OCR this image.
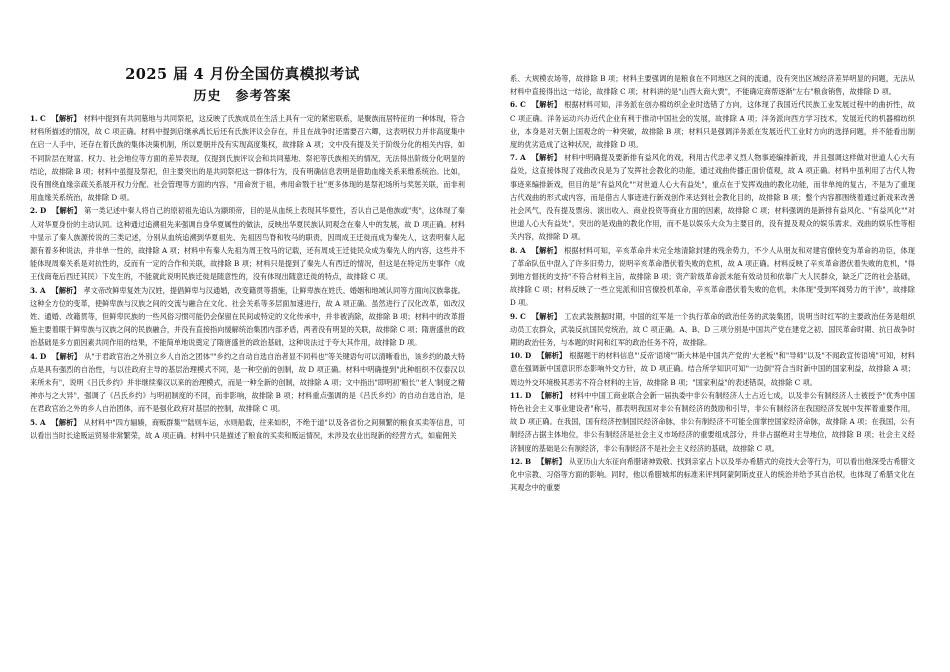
2025 届 4 月份全国仿真模拟考试
历史　参考答案

1. C 【解析】 材料中提到有共同墓地与共同祭祀，这反映了氏族成员在生活上具有一定的紧密联系，是聚族而居特征的一种体现，符合材料所描述的情况，故 C 项正确。材料中提到启继承禹长后还有氏族评议会存在，并且在战争时还需要召六卿，这表明权力并非高度集中在启一人手中，还存在着氏族的集体决策机制，所以夏朝并没有实现高度集权，故排除 A 项；文中没有提及关于阶级分化的相关内容，如不同阶层在财富、权力、社会地位等方面的差异表现，仅提到氏族评议会和共同墓地、祭祀等氏族相关的情况，无法得出阶级分化明显的结论，故排除 B 项；材料中虽提及祭祀，但主要突出的是共同祭祀这一群体行为，没有明确信息表明是借助血缘关系来维系统治。比如，没有围绕血缘亲疏关系展开权力分配、社会管理等方面的内容，"用命赏于祖，弗用命戮于社"更多体现的是祭祀场所与奖惩关联，而非利用血缘关系统治，故排除 D 项。

2. D 【解析】 第一类记述中秦人将自己的原初祖先追认为颛顼帝，目的是从血统上表现其华夏性，否认自己是他族或"夷"，这体现了秦人对华夏身份的主动认同。这种通过追溯祖先来强调自身华夏属性的做法，反映出华夏民族认同观念在秦人中的发展，故 D 项正确。材料中显示了秦人族源传说的三类记述，分别从血统追溯到华夏祖先、先祖因鸟脊和牧马的职责，因周成王迁徙而成为秦先人，这表明秦人起源有着多种说法，并非单一性的，故排除 A 项；材料中有秦人先祖为周王牧马的记载，还有周成王迁徙民众成为秦先人的内容，这些并不能体现周秦关系是对抗性的，反而有一定的合作和关联，故排除 B 项；材料只是提到了秦先人有西迁的情况，但这是在特定历史事件（成王伐商奄后西迁其民）下发生的，不能就此说明民族迁徙是随意性的，没有体现出随意迁徙的特点，故排除 C 项。

3. A 【解析】 孝文帝改鲜卑复姓为汉姓，提倡鲜卑与汉通婚，改变籍贯等措施，让鲜卑族在姓氏、婚姻和地域认同等方面向汉族靠拢。这种全方位的变革，使鲜卑族与汉族之间的交流与融合在文化、社会关系等多层面加速进行，故 A 项正确。虽然进行了汉化改革，如改汉姓、通婚、改籍贯等，但鲜卑民族的一些风俗习惯可能仍会保留在民间或特定的文化传承中，并非被消除，故排除 B 项；材料中的改革措施主要着眼于鲜卑族与汉族之间的民族融合，并没有直接指向缓解统治集团内部矛盾，两者没有明显的关联，故排除 C 项；隋唐盛世的政治基础是多方面因素共同作用的结果，不能简单地说奠定了隋唐盛世的政治基础，这种说法过于夸大其作用，故排除 D 项。

4. D 【解析】 从"于君政官治之外别立乡人自治之团体""乡约之自动自选自治者显不同科也"等关键语句可以清晰看出，该乡约的最大特点是具有强烈的自治性，与以往政府主导的基层治理模式不同，是一种空前的创制，故 D 项正确。材料中明确提到"此种组织不仅泰汉以来所未有"，说明《吕氏乡约》并非继续秦汉以来的治理模式，而是一种全新的创制，故排除 A 项；文中指出"即明初'粮长''老人'制度之精神亦与之大异"，强调了《吕氏乡约》与明初制度的不同，而非影响，故排除 B 项；材料重点强调的是《吕氏乡约》的自动自选自治，是在君政官治之外的乡人自治团体，而不是强化政府对基层的控制，故排除 C 项。

5. A 【解析】 从材料中"四方辐辏，商贩群集""陆则车运，水则船载，往来如织，不绝于道"以及各省份之间频繁的粮食买卖等信息，可以看出当时长途贩运贸易非常繁荣，故 A 项正确。材料中只是描述了粮食的买卖和贩运情况，未涉及农业出现新的经营方式，如雇佣关

系、大规模农场等，故排除 B 项；材料主要强调的是粮食在不同地区之间的流通，没有突出区域经济差异明显的问题，无法从材料中直接得出这一结论，故排除 C 项；材料讲的是"山西大商大贾"，不能确定商帮逐渐"左右"粮食销售，故排除 D 项。

6. C 【解析】 根据材料可知，洋务派在创办棉纺织企业时选错了方向，这体现了我国近代民族工业发展过程中的曲折性，故 C 项正确。洋务运动兴办近代企业有利于推动中国社会的发展，故排除 A 项；洋务派向西方学习技术，发展近代的机器棉纺织业，本身是对天朝上国观念的一种突破，故排除 B 项；材料只是强调洋务派在发展近代工业时方向的选择问题，并不能看出制度的优劣造成了这种状况，故排除 D 项。

7. A 【解析】 材料中明确提及要新排有益风化的戏，利用古代忠孝义烈人物事迹编排新戏，并且强调这样做对世道人心大有益处，这直接体现了戏曲改良是为了发挥社会教化的功能，通过戏曲传播正面价值观，故 A 项正确。材料中虽利用了古代人物事迹来编排新戏，但目的是"有益风化""对世道人心大有益处"，重点在于发挥戏曲的教化功能，而非单纯的复古，不是为了重现古代戏曲的形式或内容，而是借古人事迹进行新戏创作来达到社会教化目的，故排除 B 项；整个内容都围绕着通过新戏来改善社会风气，没有提及票房、演出收入、商业投资等商业方面的因素，故排除 C 项；材料强调的是新排有益风化、"有益风化""对世道人心大有益处"，突出的是戏曲的教化作用，而不是以娱乐大众为主要目的，没有提及观众的娱乐需求、戏曲的娱乐性等相关内容，故排除 D 项。

8. A 【解析】 根据材料可知，辛亥革命并未完全地清除封建的残余势力，不少人从朋友和对建官僚转变为革命的功臣，体现了革命队伍中混入了许多旧势力，说明辛亥革命潜伏着失败的危机，故 A 项正确。材料反映了辛亥革命潜伏着失败的危机，"得到地方督抚的支持"不符合材料主旨，故排除 B 项；资产阶级革命派未能有效动员和依靠广大人民群众，缺乏广泛的社会基础，故排除 C 项；材料反映了一些立宪派和旧官僚投机革命，辛亥革命潜伏着失败的危机，未体现"受到军阀势力的干涉"，故排除 D 项。

9. C 【解析】 工农武装割据时期，中国的红军是一个执行革命的政治任务的武装集团，说明当时红军的主要政治任务是组织动员工农群众，武装反抗国民党统治，故 C 项正确。A、B、D 三项分别是中国共产党在建党之初、国民革命时期、抗日战争时期的政治任务，与本题的时间和红军的政治任务不符，故排除。

10. D 【解析】 根据题干的材料信息"'反帝'语境""斯大林是中国共产党的'大老板'"和"导师"以及"不闻政宣传语境"可知，材料意在强调新中国意识形态影响外交方针，故 D 项正确。结合所学知识可知"一边倒"符合当时新中国的国家利益，故排除 A 项；周边外交环境极其恶劣不符合材料的主旨，故排除 B 项；"国家利益"的表述错误，故排除 C 项。

11. D 【解析】 材料中中国工商业联合会新一届执委中非公有制经济人士占近七成，以及非公有制经济人士被授予"优秀中国特色社会主义事业建设者"称号，都表明我国对非公有制经济的鼓励和引导，非公有制经济在我国经济发展中发挥着重要作用，故 D 项正确。在我国，国有经济控制国民经济命脉，非公有制经济不可能全面掌控国家经济命脉，故排除 A 项；在我国，公有制经济占据主体地位，非公有制经济是社会主义市场经济的重要组成部分，并非占据绝对主导地位，故排除 B 项；社会主义经济制度的基础是公有制经济，非公有制经济不是社会主义经济的基础，故排除 C 项。

12. B 【解析】 从亚历山大东征向希腊诸神致敬、找到亲家占卜以及举办希腊式的竞技大会等行为，可以看出他深受古希腊文化中宗教、习俗等方面的影响。同时，他以希腊城邦的标准来评判阿蒙阿斯皮亚人的统治并给予其自治权，也体现了希腊文化在其观念中的重要
